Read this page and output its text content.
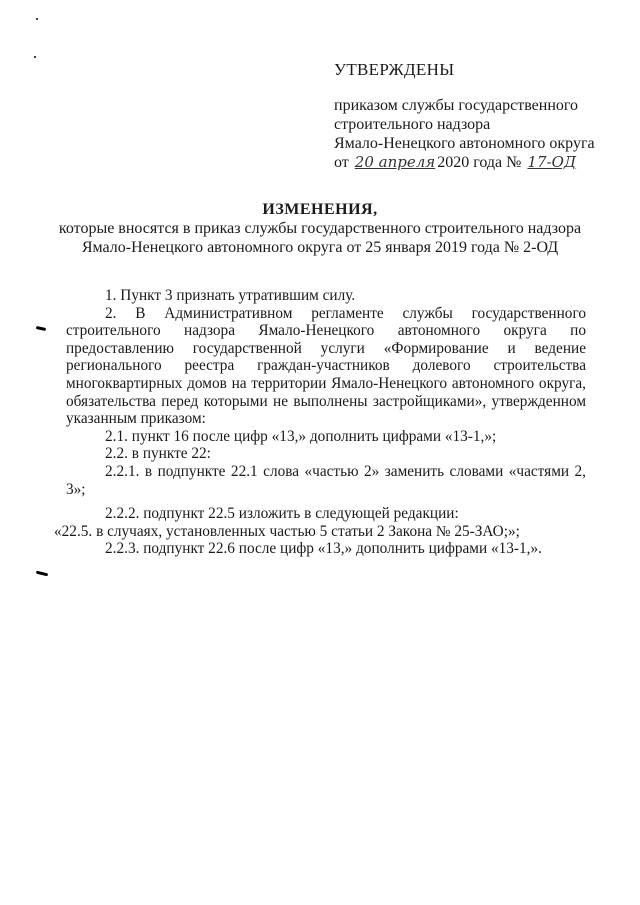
УТВЕРЖДЕНЫ
приказом службы государственного
строительного надзора
Ямало-Ненецкого автономного округа
от 20 апреля 2020 года № 17-ОД
ИЗМЕНЕНИЯ,
которые вносятся в приказ службы государственного строительного надзора
Ямало-Ненецкого автономного округа от 25 января 2019 года № 2-ОД

1. Пункт 3 признать утратившим силу.

2. В Административном регламенте службы государственного строительного надзора Ямало-Ненецкого автономного округа по предоставлению государственной услуги «Формирование и ведение регионального реестра граждан-участников долевого строительства многоквартирных домов на территории Ямало-Ненецкого автономного округа, обязательства перед которыми не выполнены застройщиками», утвержденном указанным приказом:

2.1. пункт 16 после цифр «13,» дополнить цифрами «13-1,»;

2.2. в пункте 22:

2.2.1. в подпункте 22.1 слова «частью 2» заменить словами «частями 2, 3»;

2.2.2. подпункт 22.5 изложить в следующей редакции:

«22.5. в случаях, установленных частью 5 статьи 2 Закона № 25-ЗАО;»;

2.2.3. подпункт 22.6 после цифр «13,» дополнить цифрами «13-1,».
